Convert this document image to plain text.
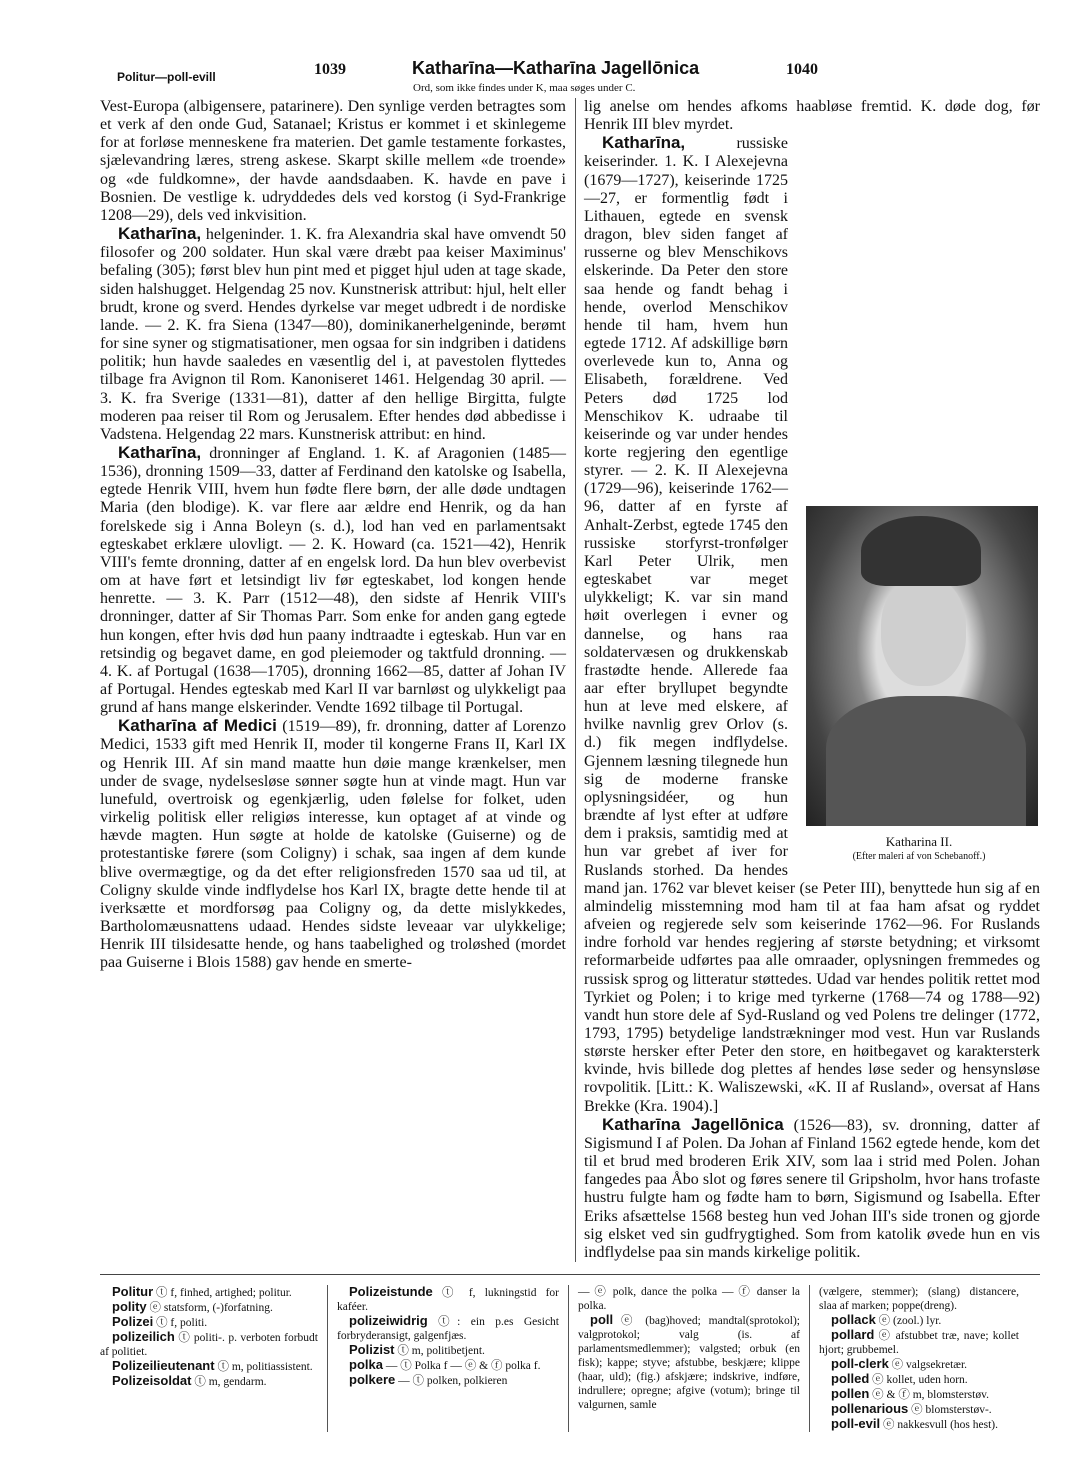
Politur—poll-evill	1039	Katharīna—Katharīna Jagellōnica
Ord, som ikke findes under K, maa søges under C.
1040

Vest-Europa (albigensere, patarinere). Den synlige verden betragtes som et verk af den onde Gud, Satanael; Kristus er kommet i et skinlegeme for at forløse menneskene fra materien. Det gamle testamente forkastes, sjælevandring læres, streng askese. Skarpt skille mellem «de troende» og «de fuldkomne», der havde aandsdaaben. K. havde en pave i Bosnien. De vestlige k. udryddedes dels ved korstog (i Syd-Frankrige 1208—29), dels ved inkvisition.

Katharīna, helgeninder. 1. K. fra Alexandria skal have omvendt 50 filosofer og 200 soldater. Hun skal være dræbt paa keiser Maximinus' befaling (305); først blev hun pint med et pigget hjul uden at tage skade, siden halshugget. Helgendag 25 nov. Kunstnerisk attribut: hjul, helt eller brudt, krone og sverd. Hendes dyrkelse var meget udbredt i de nordiske lande. — 2. K. fra Siena (1347—80), dominikanerhelgeninde, berømt for sine syner og stigmatisationer, men ogsaa for sin indgriben i datidens politik; hun havde saaledes en væsentlig del i, at pavestolen flyttedes tilbage fra Avignon til Rom. Kanoniseret 1461. Helgendag 30 april. — 3. K. fra Sverige (1331—81), datter af den hellige Birgitta, fulgte moderen paa reiser til Rom og Jerusalem. Efter hendes død abbedisse i Vadstena. Helgendag 22 mars. Kunstnerisk attribut: en hind.

Katharīna, dronninger af England. 1. K. af Aragonien (1485—1536), dronning 1509—33, datter af Ferdinand den katolske og Isabella, egtede Henrik VIII, hvem hun fødte flere børn, der alle døde undtagen Maria (den blodige). K. var flere aar ældre end Henrik, og da han forelskede sig i Anna Boleyn (s. d.), lod han ved en parlamentsakt egteskabet erklære ulovligt. — 2. K. Howard (ca. 1521—42), Henrik VIII's femte dronning, datter af en engelsk lord. Da hun blev overbevist om at have ført et letsindigt liv før egteskabet, lod kongen hende henrette. — 3. K. Parr (1512—48), den sidste af Henrik VIII's dronninger, datter af Sir Thomas Parr. Som enke for anden gang egtede hun kongen, efter hvis død hun paany indtraadte i egteskab. Hun var en retsindig og begavet dame, en god pleiemoder og taktfuld dronning. — 4. K. af Portugal (1638—1705), dronning 1662—85, datter af Johan IV af Portugal. Hendes egteskab med Karl II var barnløst og ulykkeligt paa grund af hans mange elskerinder. Vendte 1692 tilbage til Portugal.

Katharīna af Medici (1519—89), fr. dronning, datter af Lorenzo Medici, 1533 gift med Henrik II, moder til kongerne Frans II, Karl IX og Henrik III. Af sin mand maatte hun døie mange krænkelser, men under de svage, nydelsesløse sønner søgte hun at vinde magt. Hun var lunefuld, overtroisk og egenkjærlig, uden følelse for folket, uden virkelig politisk eller religiøs interesse, kun optaget af at vinde og hævde magten. Hun søgte at holde de katolske (Guiserne) og de protestantiske førere (som Coligny) i schak, saa ingen af dem kunde blive overmægtige, og da det efter religionsfreden 1570 saa ud til, at Coligny skulde vinde indflydelse hos Karl IX, bragte dette hende til at iverksætte et mordforsøg paa Coligny og, da dette mislykkedes, Bartholomæusnattens udaad. Hendes sidste leveaar var ulykkelige; Henrik III tilsidesatte hende, og hans taabelighed og troløshed (mordet paa Guiserne i Blois 1588) gav hende en smerte-

lig anelse om hendes afkoms haabløse fremtid. K. døde dog, før Henrik III blev myrdet.

Katharina II.
(Efter maleri af von Schebanoff.)
Katharīna, russiske keiserinder. 1. K. I Alexejevna (1679—1727), keiserinde 1725—27, er formentlig født i Lithauen, egtede en svensk dragon, blev siden fanget af russerne og blev Menschikovs elskerinde. Da Peter den store saa hende og fandt behag i hende, overlod Menschikov hende til ham, hvem hun egtede 1712. Af adskillige børn overlevede kun to, Anna og Elisabeth, forældrene. Ved Peters død 1725 lod Menschikov K. udraabe til keiserinde og var under hendes korte regjering den egentlige styrer. — 2. K. II Alexejevna (1729—96), keiserinde 1762—96, datter af en fyrste af Anhalt-Zerbst, egtede 1745 den russiske storfyrst-tronfølger Karl Peter Ulrik, men egteskabet var meget ulykkeligt; K. var sin mand høit overlegen i evner og dannelse, og hans raa soldatervæsen og drukkenskab frastødte hende. Allerede faa aar efter bryllupet begyndte hun at leve med elskere, af hvilke navnlig grev Orlov (s. d.) fik megen indflydelse. Gjennem læsning tilegnede hun sig de moderne franske oplysningsidéer, og hun brændte af lyst efter at udføre dem i praksis, samtidig med at hun var grebet af iver for Ruslands storhed. Da hendes mand jan. 1762 var blevet keiser (se Peter III), benyttede hun sig af en almindelig misstemning mod ham til at faa ham afsat og ryddet afveien og regjerede selv som keiserinde 1762—96. For Ruslands indre forhold var hendes regjering af største betydning; et virksomt reformarbeide udførtes paa alle omraader, oplysningen fremmedes og russisk sprog og litteratur støttedes. Udad var hendes politik rettet mod Tyrkiet og Polen; i to krige med tyrkerne (1768—74 og 1788—92) vandt hun store dele af Syd-Rusland og ved Polens tre delinger (1772, 1793, 1795) betydelige landstrækninger mod vest. Hun var Ruslands største hersker efter Peter den store, en høitbegavet og karaktersterk kvinde, hvis billede dog plettes af hendes løse seder og hensynsløse rovpolitik. [Litt.: K. Waliszewski, «K. II af Rusland», oversat af Hans Brekke (Kra. 1904).]

Katharīna Jagellōnica (1526—83), sv. dronning, datter af Sigismund I af Polen. Da Johan af Finland 1562 egtede hende, kom det til et brud med broderen Erik XIV, som laa i strid med Polen. Johan fangedes paa Åbo slot og føres senere til Gripsholm, hvor hans trofaste hustru fulgte ham og fødte ham to børn, Sigismund og Isabella. Efter Eriks afsættelse 1568 besteg hun ved Johan III's side tronen og gjorde sig elsket ved sin gudfrygtighed. Som from katolik øvede hun en vis indflydelse paa sin mands kirkelige politik.

Politur ⓣ f, finhed, artighed; politur.

polity ⓔ statsform, (-)forfatning.

Polizei ⓣ f, politi.

polizeilich ⓣ politi-. p. verboten forbudt af politiet.

Polizeilieutenant ⓣ m, politiassistent.

Polizeisoldat ⓣ m, gendarm.

Polizeistunde ⓣ f, lukningstid for kaféer.

polizeiwidrig ⓣ: ein p.es Gesicht forbryderansigt, galgenfjæs.

Polizist ⓣ m, politibetjent.

polka — ⓣ Polka f — ⓔ & ⓕ polka f.

polkere — ⓣ polken, polkieren

— ⓔ polk, dance the polka — ⓕ danser la polka.

poll ⓔ (bag)hoved; mandtal(sprotokol); valgprotokol; valg (is. af parlamentsmedlemmer); valgsted; orbuk (en fisk); kappe; styve; afstubbe, beskjære; klippe (haar, uld); (fig.) afskjære; indskrive, indføre, indrullere; opregne; afgive (votum); bringe til valgurnen, samle

(vælgere, stemmer); (slang) distancere, slaa af marken; poppe(dreng).

pollack ⓔ (zool.) lyr.

pollard ⓔ afstubbet træ, nave; kollet hjort; grubbemel.

poll-clerk ⓔ valgsekretær.

polled ⓔ kollet, uden horn.

pollen ⓔ & ⓕ m, blomsterstøv.

pollenarious ⓔ blomsterstøv-.

poll-evil ⓔ nakkesvull (hos hest).
